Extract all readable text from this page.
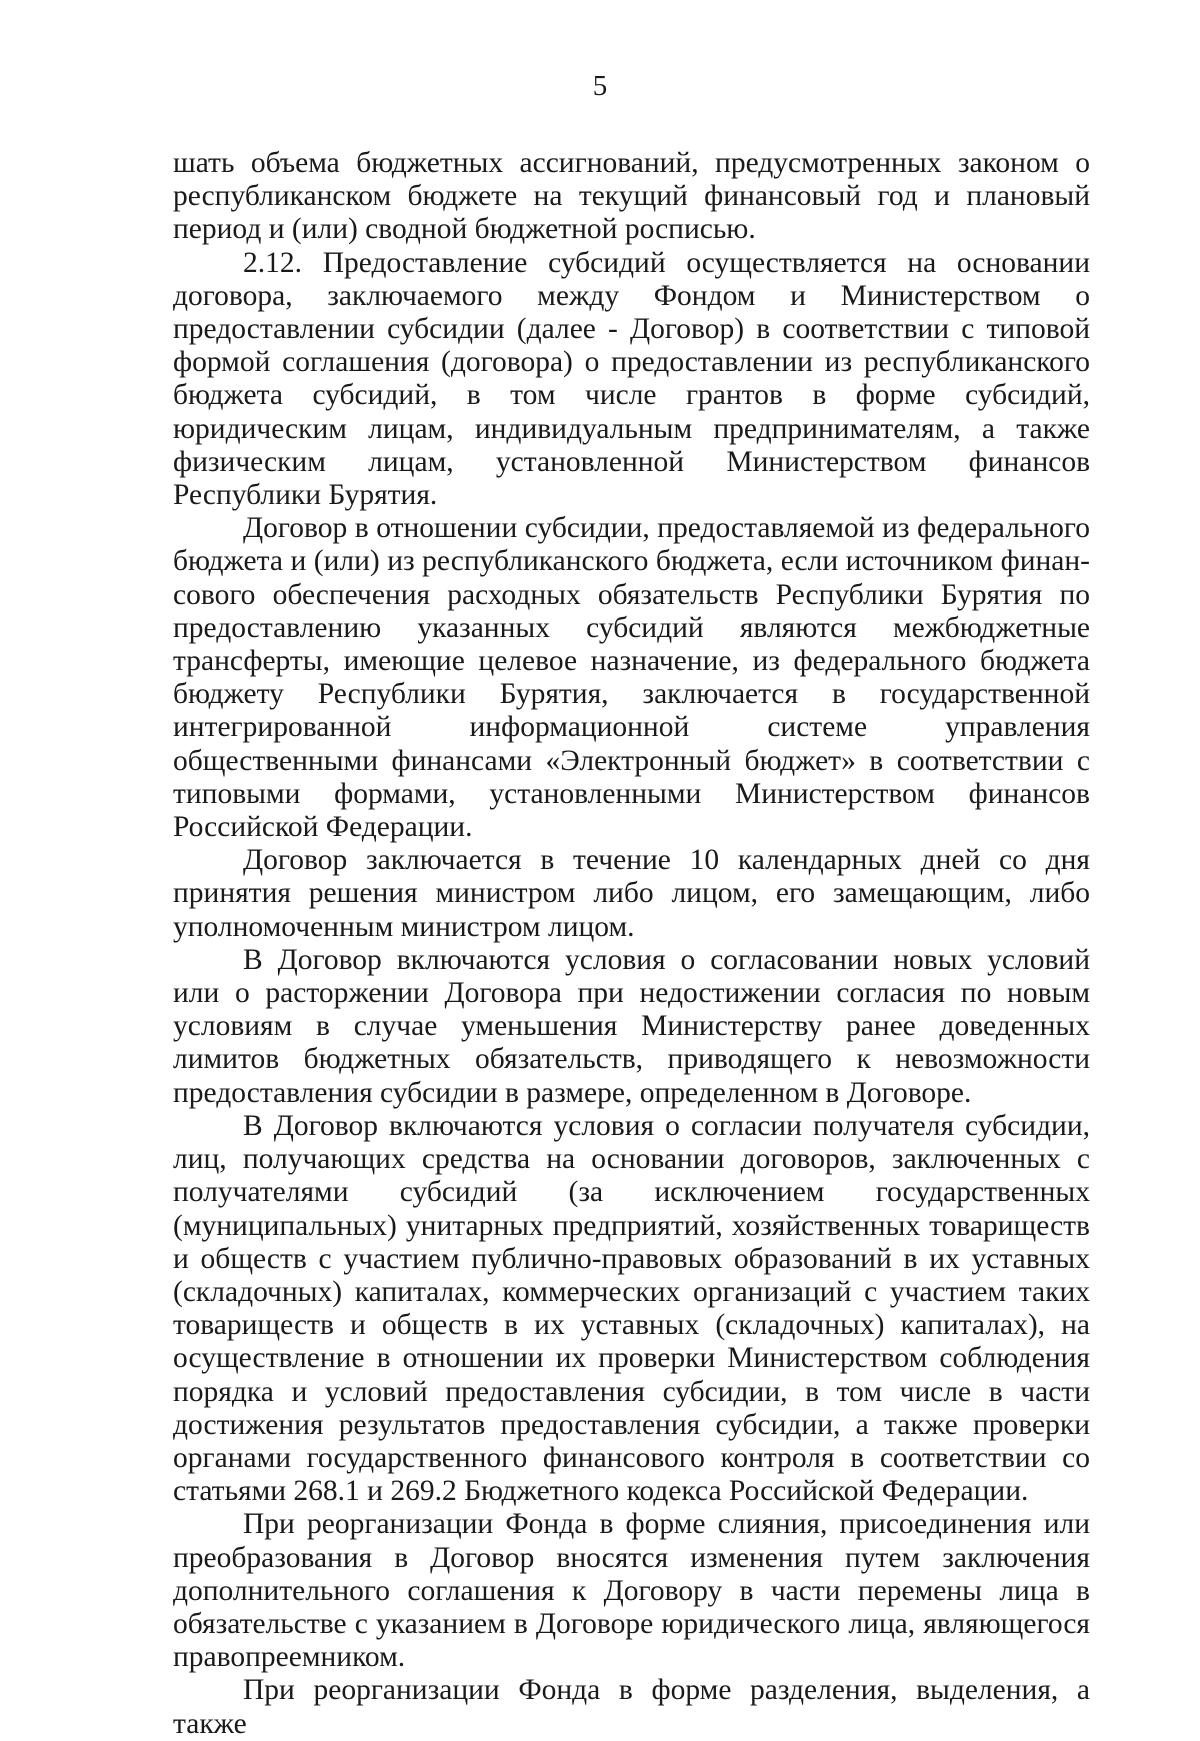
5

шать объема бюджетных ассигнований, предусмотренных законом о республиканском бюджете на текущий финансовый год и плановый период и (или) сводной бюджетной росписью.

2.12. Предоставление субсидий осуществляется на основании договора, заключаемого между Фондом и Министерством о предоставлении субсидии (далее - Договор) в соответствии с типовой формой соглашения (договора) о предоставлении из республиканского бюджета субсидий, в том числе грантов в форме субсидий, юридическим лицам, индивидуальным предпринимателям, а также физическим лицам, установленной Министерством финансов Республики Бурятия.

Договор в отношении субсидии, предоставляемой из федерального бюджета и (или) из республиканского бюджета, если источником финансового обеспечения расходных обязательств Республики Бурятия по предоставлению указанных субсидий являются межбюджетные трансферты, имеющие целевое назначение, из федерального бюджета бюджету Республики Бурятия, заключается в государственной интегрированной информационной системе управления общественными финансами «Электронный бюджет» в соответствии с типовыми формами, установленными Министерством финансов Российской Федерации.

Договор заключается в течение 10 календарных дней со дня принятия решения министром либо лицом, его замещающим, либо уполномоченным министром лицом.

В Договор включаются условия о согласовании новых условий или о расторжении Договора при недостижении согласия по новым условиям в случае уменьшения Министерству ранее доведенных лимитов бюджетных обязательств, приводящего к невозможности предоставления субсидии в размере, определенном в Договоре.

В Договор включаются условия о согласии получателя субсидии, лиц, получающих средства на основании договоров, заключенных с получателями субсидий (за исключением государственных (муниципальных) унитарных предприятий, хозяйственных товариществ и обществ с участием публично-правовых образований в их уставных (складочных) капиталах, коммерческих организаций с участием таких товариществ и обществ в их уставных (складочных) капиталах), на осуществление в отношении их проверки Министерством соблюдения порядка и условий предоставления субсидии, в том числе в части достижения результатов предоставления субсидии, а также проверки органами государственного финансового контроля в соответствии со статьями 268.1 и 269.2 Бюджетного кодекса Российской Федерации.

При реорганизации Фонда в форме слияния, присоединения или преобразования в Договор вносятся изменения путем заключения дополнительного соглашения к Договору в части перемены лица в обязательстве с указанием в Договоре юридического лица, являющегося правопреемником.

При реорганизации Фонда в форме разделения, выделения, а также
